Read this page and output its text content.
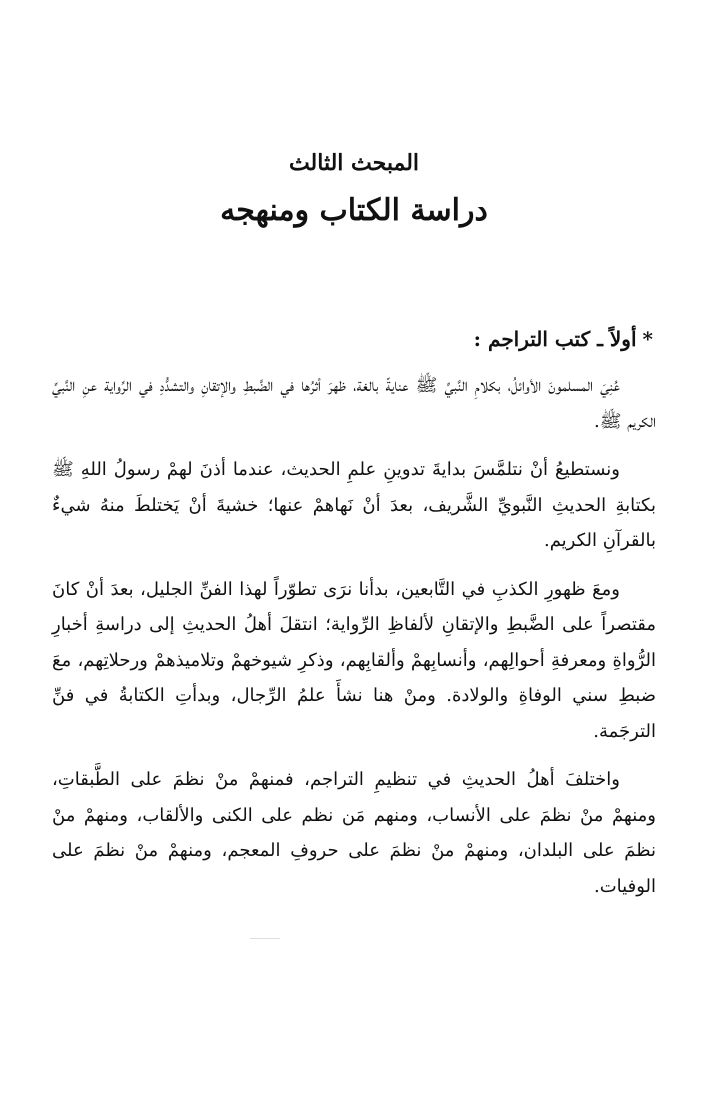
المبحث الثالث
دراسة الكتاب ومنهجه
*أولاً ـ كتب التراجم :

عُنِيَ المسلمونَ الأوائلُ، بكلامِ النَّبيِّ ﷺ عنايةً بالغة، ظهرَ أثرُها في الضَّبطِ والإتقانِ والتشدُّدِ في الرِّواية عنِ النَّبيِّ الكريم ﷺ.

ونستطيعُ أنْ نتلمَّسَ بدايةَ تدوينِ علمِ الحديث، عندما أذنَ لهمْ رسولُ اللهِ ﷺ بكتابةِ الحديثِ النَّبويِّ الشَّريف، بعدَ أنْ نَهاهمْ عنها؛ خشيةَ أنْ يَختلطَ منهُ شيءٌ بالقرآنِ الكريم.

ومعَ ظهورِ الكذبِ في التَّابعين، بدأنا نرَى تطوّراً لهذا الفنِّ الجليل، بعدَ أنْ كانَ مقتصراً على الضَّبطِ والإتقانِ لألفاظِ الرِّواية؛ انتقلَ أهلُ الحديثِ إلى دراسةِ أخبارِ الرُّواةِ ومعرفةِ أحوالِهم، وأنسابِهمْ وألقابِهم، وذكرِ شيوخهمْ وتلاميذهمْ ورحلاتِهم، معَ ضبطِ سني الوفاةِ والولادة. ومنْ هنا نشأَ علمُ الرِّجال، وبدأتِ الكتابةُ في فنِّ الترجَمة.

واختلفَ أهلُ الحديثِ في تنظيمِ التراجم، فمنهمْ منْ نظمَ على الطَّبقاتِ، ومنهمْ منْ نظمَ على الأنساب، ومنهم مَن نظم على الكنى والألقاب، ومنهمْ منْ نظمَ على البلدان، ومنهمْ منْ نظمَ على حروفِ المعجم، ومنهمْ منْ نظمَ على الوفيات.
